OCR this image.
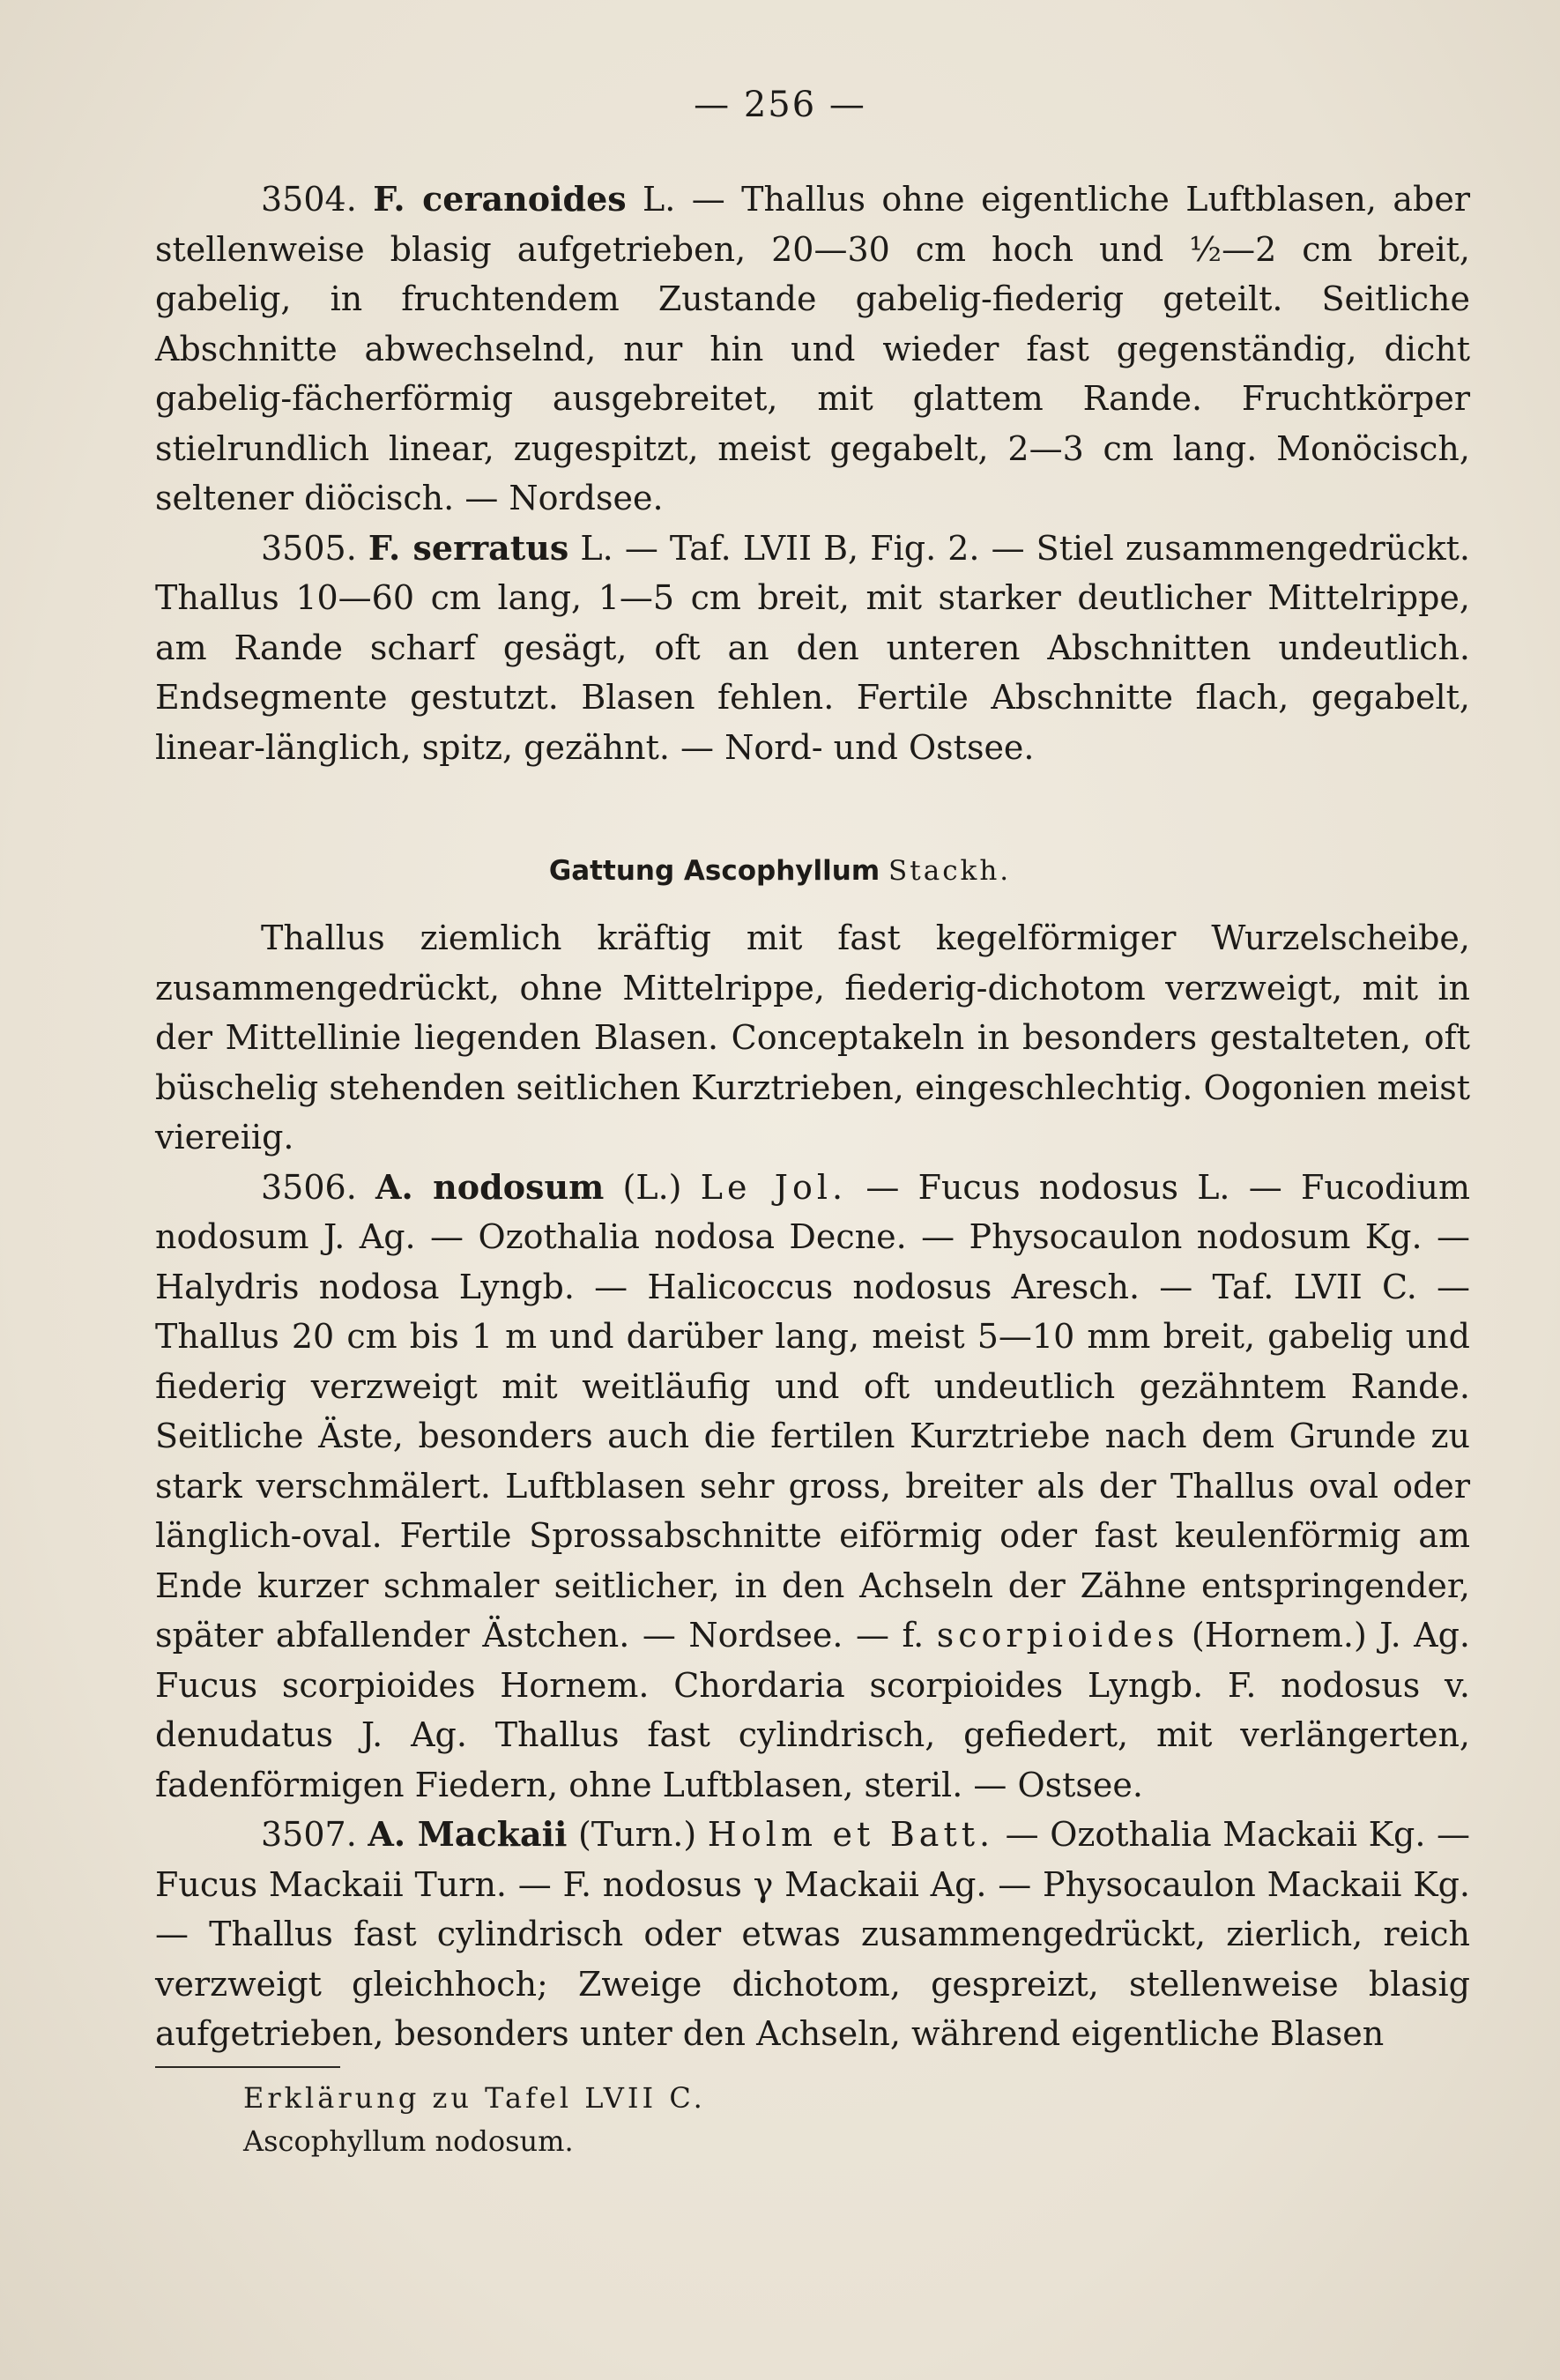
— 256 —

3504. F. ceranoides L. — Thallus ohne eigentliche Luftblasen, aber stellenweise blasig aufgetrieben, 20—30 cm hoch und ½—2 cm breit, gabelig, in fruchtendem Zustande gabelig-fiederig geteilt. Seitliche Abschnitte abwechselnd, nur hin und wieder fast gegenständig, dicht gabelig-fächerförmig ausgebreitet, mit glattem Rande. Fruchtkörper stielrundlich linear, zugespitzt, meist gegabelt, 2—3 cm lang. Monöcisch, seltener diöcisch. — Nordsee.

3505. F. serratus L. — Taf. LVII B, Fig. 2. — Stiel zusammengedrückt. Thallus 10—60 cm lang, 1—5 cm breit, mit starker deutlicher Mittelrippe, am Rande scharf gesägt, oft an den unteren Abschnitten undeutlich. Endsegmente gestutzt. Blasen fehlen. Fertile Abschnitte flach, gegabelt, linear-länglich, spitz, gezähnt. — Nord- und Ostsee.

Gattung Ascophyllum Stackh.

Thallus ziemlich kräftig mit fast kegelförmiger Wurzelscheibe, zusammengedrückt, ohne Mittelrippe, fiederig-dichotom verzweigt, mit in der Mittellinie liegenden Blasen. Conceptakeln in besonders gestalteten, oft büschelig stehenden seitlichen Kurztrieben, eingeschlechtig. Oogonien meist viereiig.

3506. A. nodosum (L.) Le Jol. — Fucus nodosus L. — Fucodium nodosum J. Ag. — Ozothalia nodosa Decne. — Physocaulon nodosum Kg. — Halydris nodosa Lyngb. — Halicoccus nodosus Aresch. — Taf. LVII C. — Thallus 20 cm bis 1 m und darüber lang, meist 5—10 mm breit, gabelig und fiederig verzweigt mit weitläufig und oft undeutlich gezähntem Rande. Seitliche Äste, besonders auch die fertilen Kurztriebe nach dem Grunde zu stark verschmälert. Luftblasen sehr gross, breiter als der Thallus oval oder länglich-oval. Fertile Sprossabschnitte eiförmig oder fast keulenförmig am Ende kurzer schmaler seitlicher, in den Achseln der Zähne entspringender, später abfallender Ästchen. — Nordsee. — f. scorpioides (Hornem.) J. Ag. Fucus scorpioides Hornem. Chordaria scorpioides Lyngb. F. nodosus v. denudatus J. Ag. Thallus fast cylindrisch, gefiedert, mit verlängerten, fadenförmigen Fiedern, ohne Luftblasen, steril. — Ostsee.

3507. A. Mackaii (Turn.) Holm et Batt. — Ozothalia Mackaii Kg. — Fucus Mackaii Turn. — F. nodosus γ Mackaii Ag. — Physocaulon Mackaii Kg. — Thallus fast cylindrisch oder etwas zusammengedrückt, zierlich, reich verzweigt gleichhoch; Zweige dichotom, gespreizt, stellenweise blasig aufgetrieben, besonders unter den Achseln, während eigentliche Blasen

Erklärung zu Tafel LVII C.
Ascophyllum nodosum.
